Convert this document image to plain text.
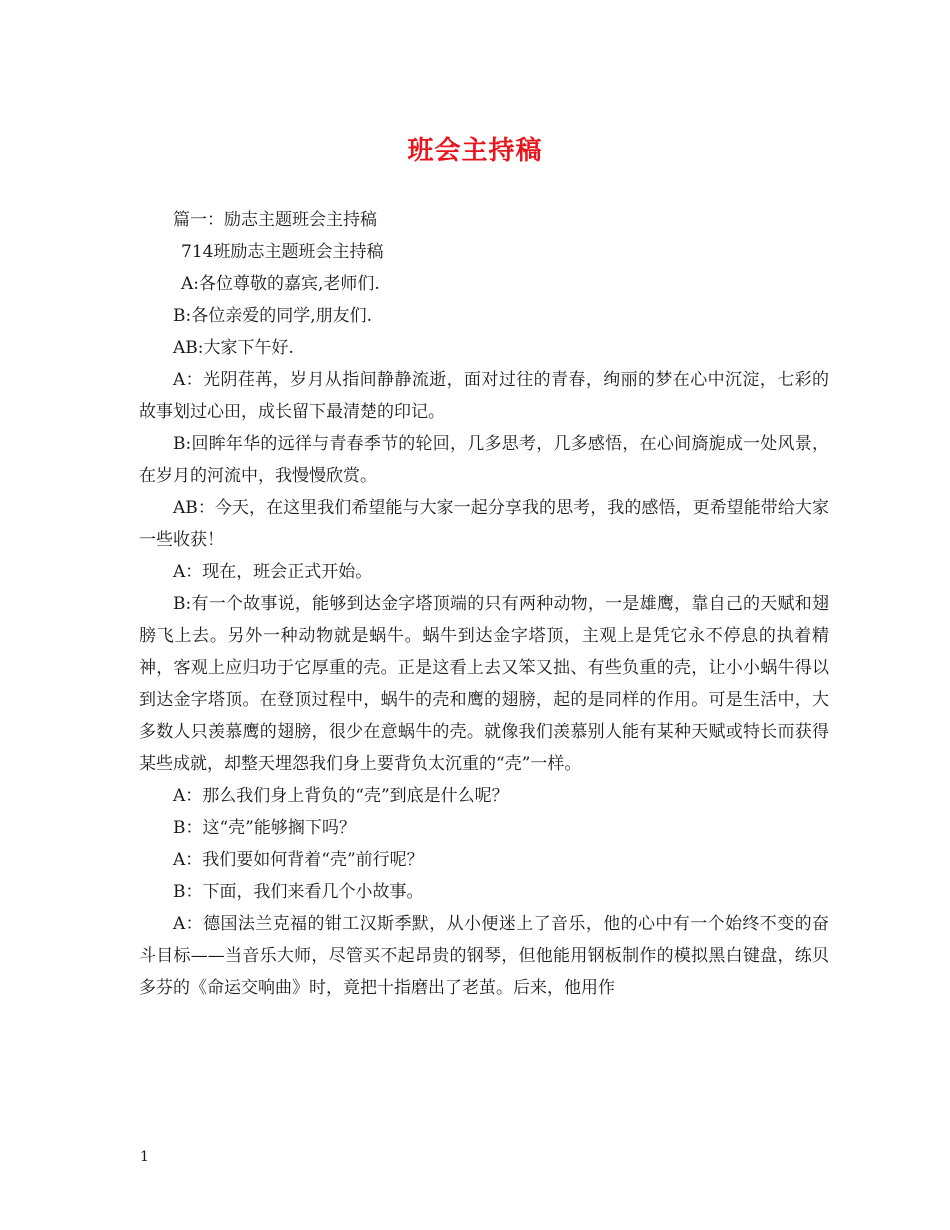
班会主持稿

篇一：励志主题班会主持稿

714班励志主题班会主持稿

A:各位尊敬的嘉宾,老师们.

B:各位亲爱的同学,朋友们.

AB:大家下午好.

A：光阴荏苒，岁月从指间静静流逝，面对过往的青春，绚丽的梦在心中沉淀，七彩的故事划过心田，成长留下最清楚的印记。

B:回眸年华的远徉与青春季节的轮回，几多思考，几多感悟，在心间旖旎成一处风景，在岁月的河流中，我慢慢欣赏。

AB：今天，在这里我们希望能与大家一起分享我的思考，我的感悟，更希望能带给大家一些收获！

A：现在，班会正式开始。

B:有一个故事说，能够到达金字塔顶端的只有两种动物，一是雄鹰，靠自己的天赋和翅膀飞上去。另外一种动物就是蜗牛。蜗牛到达金字塔顶，主观上是凭它永不停息的执着精神，客观上应归功于它厚重的壳。正是这看上去又笨又拙、有些负重的壳，让小小蜗牛得以到达金字塔顶。在登顶过程中，蜗牛的壳和鹰的翅膀，起的是同样的作用。可是生活中，大多数人只羡慕鹰的翅膀，很少在意蜗牛的壳。就像我们羡慕别人能有某种天赋或特长而获得某些成就，却整天埋怨我们身上要背负太沉重的“壳”一样。

A：那么我们身上背负的“壳”到底是什么呢？

B：这“壳”能够搁下吗？

A：我们要如何背着“壳”前行呢？

B：下面，我们来看几个小故事。

A：德国法兰克福的钳工汉斯季默，从小便迷上了音乐，他的心中有一个始终不变的奋斗目标——当音乐大师，尽管买不起昂贵的钢琴，但他能用钢板制作的模拟黑白键盘，练贝多芬的《命运交响曲》时，竟把十指磨出了老茧。后来，他用作

1
